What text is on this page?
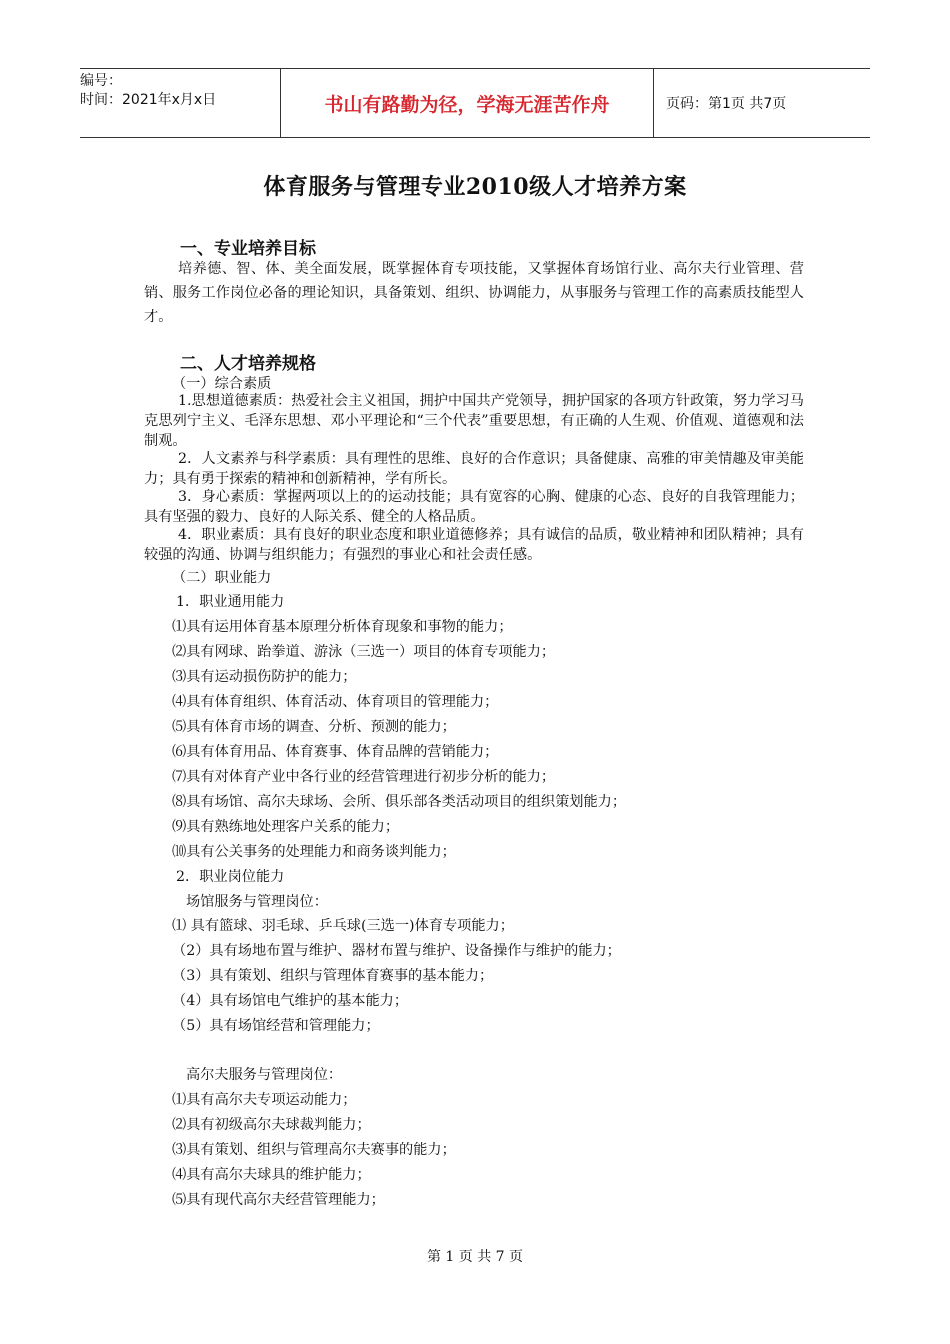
编号：
时间：2021年x月x日	书山有路勤为径，学海无涯苦作舟	页码：第1页 共7页
体育服务与管理专业2010级人才培养方案
一、专业培养目标
培养德、智、体、美全面发展，既掌握体育专项技能，又掌握体育场馆行业、高尔夫行业管理、营销、服务工作岗位必备的理论知识，具备策划、组织、协调能力，从事服务与管理工作的高素质技能型人才。
二、人才培养规格
（一）综合素质
1.思想道德素质：热爱社会主义祖国，拥护中国共产党领导，拥护国家的各项方针政策，努力学习马克思列宁主义、毛泽东思想、邓小平理论和“三个代表”重要思想，有正确的人生观、价值观、道德观和法制观。
2．人文素养与科学素质：具有理性的思维、良好的合作意识；具备健康、高雅的审美情趣及审美能力；具有勇于探索的精神和创新精神，学有所长。
3．身心素质：掌握两项以上的的运动技能；具有宽容的心胸、健康的心态、良好的自我管理能力；具有坚强的毅力、良好的人际关系、健全的人格品质。
4．职业素质：具有良好的职业态度和职业道德修养；具有诚信的品质，敬业精神和团队精神；具有较强的沟通、协调与组织能力；有强烈的事业心和社会责任感。
（二）职业能力
1．职业通用能力
⑴具有运用体育基本原理分析体育现象和事物的能力；
⑵具有网球、跆拳道、游泳（三选一）项目的体育专项能力；
⑶具有运动损伤防护的能力；
⑷具有体育组织、体育活动、体育项目的管理能力；
⑸具有体育市场的调查、分析、预测的能力；
⑹具有体育用品、体育赛事、体育品牌的营销能力；
⑺具有对体育产业中各行业的经营管理进行初步分析的能力；
⑻具有场馆、高尔夫球场、会所、俱乐部各类活动项目的组织策划能力；
⑼具有熟练地处理客户关系的能力；
⑽具有公关事务的处理能力和商务谈判能力；
2．职业岗位能力
场馆服务与管理岗位：
⑴ 具有篮球、羽毛球、乒乓球(三选一)体育专项能力；
（2）具有场地布置与维护、器材布置与维护、设备操作与维护的能力；
（3）具有策划、组织与管理体育赛事的基本能力；
（4）具有场馆电气维护的基本能力；
（5）具有场馆经营和管理能力；
高尔夫服务与管理岗位：
⑴具有高尔夫专项运动能力；
⑵具有初级高尔夫球裁判能力；
⑶具有策划、组织与管理高尔夫赛事的能力；
⑷具有高尔夫球具的维护能力；
⑸具有现代高尔夫经营管理能力；
第 1 页 共 7 页
